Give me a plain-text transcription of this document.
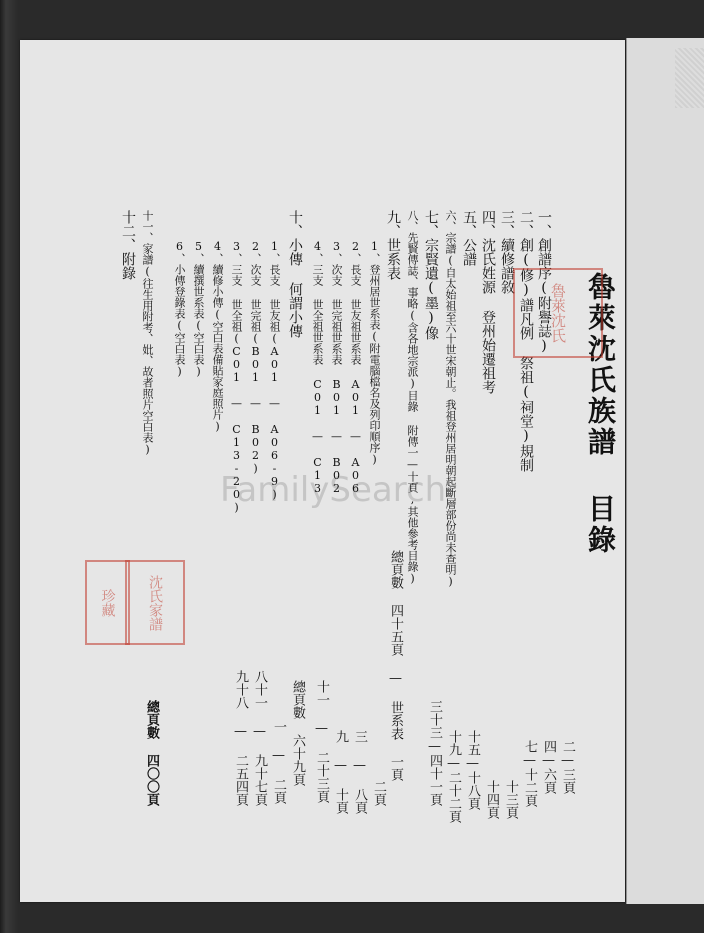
FamilySearch	魯萊沈氏族譜 目錄
一、創譜序(附譽誌)
二、創(修)譜凡例 祭祖(祠堂)規制
三、續修譜敘
四、沈氏姓源 登州始遷祖考
五、公譜
六、宗譜(自太始祖至六十世宋朝止。我祖登州居明朝起斷層部份尚未查明)
七、宗賢遺(墨)像
八、先賢傳誌、事略(含各地宗派)目錄 附傳一—十頁,其他參考目錄)
九、世系表
1、登州居世系表(附電腦檔名及列印順序)
2、長支 世友祖世系表 A01 — A06
3、次支 世完祖世系表 B01 — B02
4、三支 世全祖世系表 C01 — C13
十、小傳 何謂小傳
1、長支 世友祖(A01 — A06-9)
2、次支 世完祖(B01 — B02)
3、三支 世全祖(C01 — C13-20)
4、續修小傳(空白表備貼家庭照片)
5、續撰世系表(空白表)
6、小傳登錄表(空白表)
十一、家譜(往生用附考、妣、故者照片空白表)
十二、附錄
二—三頁
四—六頁
七—十二頁
十三頁
十四頁
十五—十八頁
十九—二十二頁
三十三—四十一頁
總頁數 四十五頁 — 世系表 一頁
二頁
三 — 八頁
九 — 十頁
十一 — 二十三頁
總頁數 六十九頁
一 — 二頁
八十一 — 九十七頁
九十八 — 二五四頁
總頁數 四〇〇頁
魯萊沈氏
沈氏家譜
珍藏
